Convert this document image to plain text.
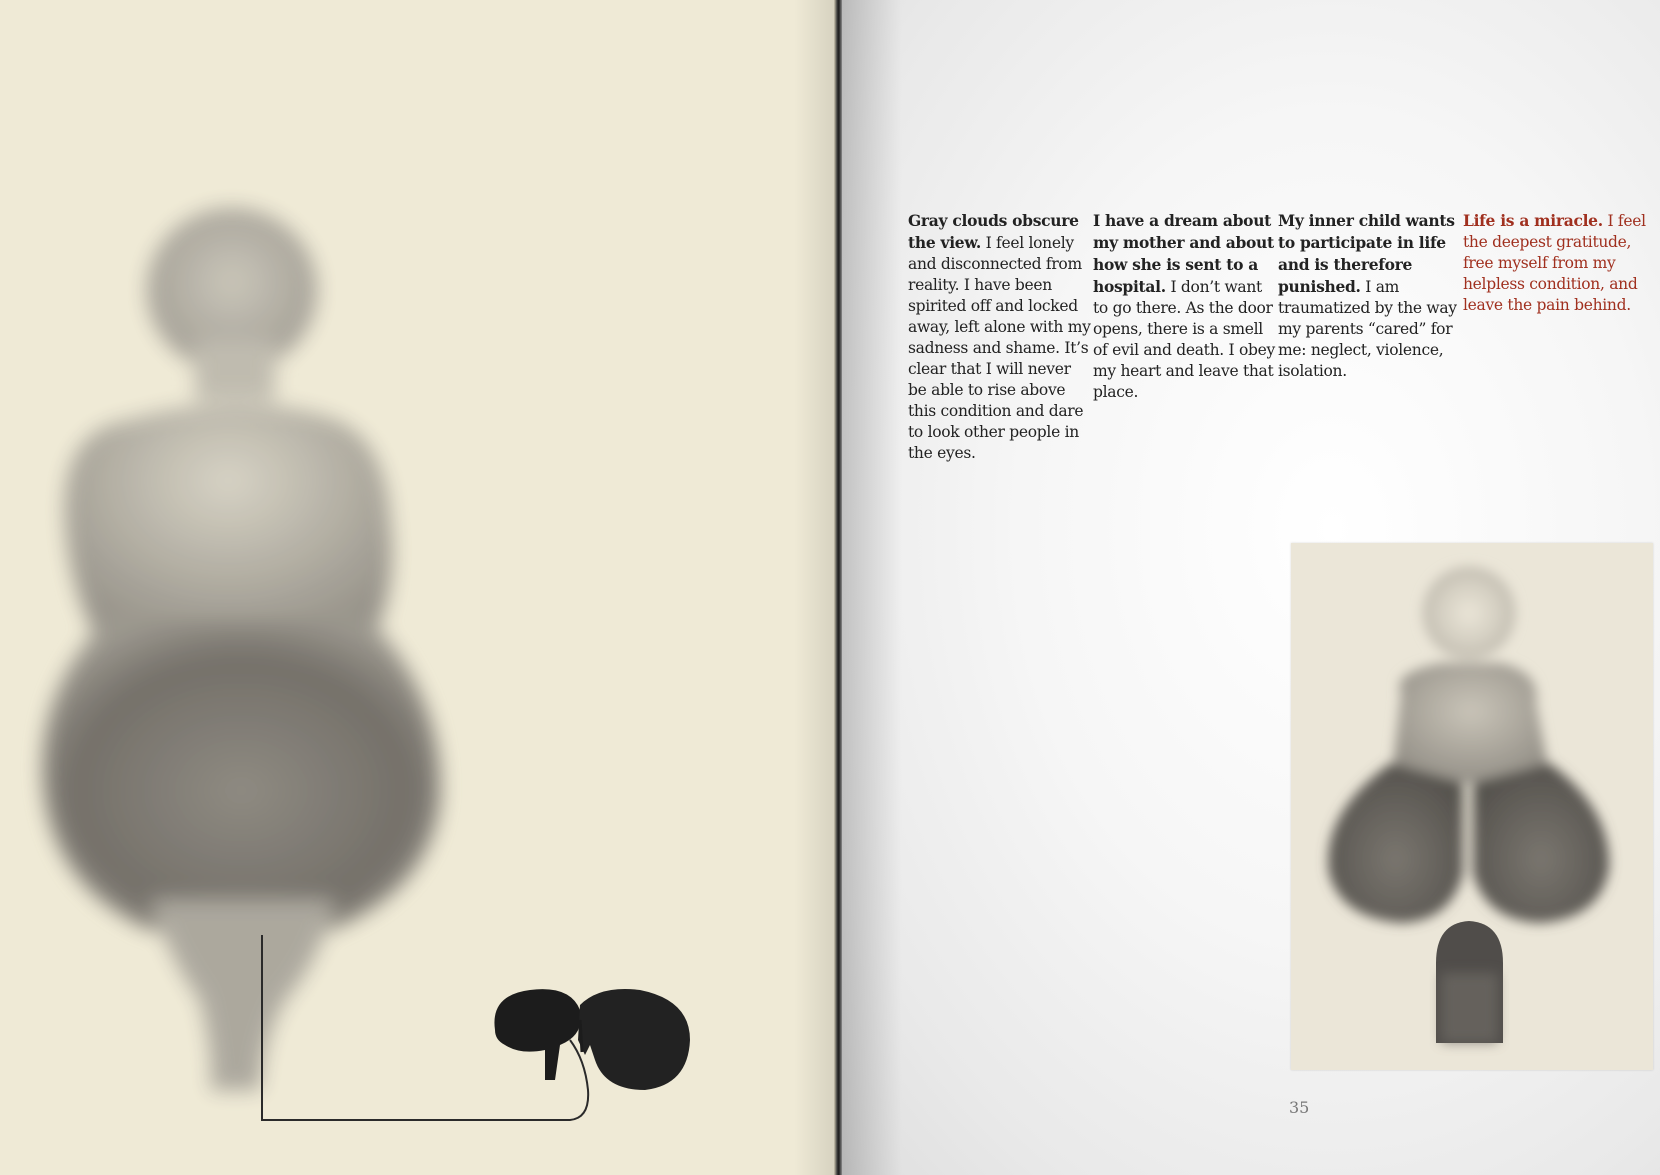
Gray clouds obscure the view. I feel lonely and disconnected from reality. I have been spirited off and locked away, left alone with my sadness and shame. It’s clear that I will never be able to rise above this condition and dare to look other people in the eyes.

I have a dream about my mother and about how she is sent to a hospital. I don’t want to go there. As the door opens, there is a smell of evil and death. I obey my heart and leave that place.

My inner child wants to participate in life and is therefore punished. I am traumatized by the way my parents “cared” for me: neglect, violence, isolation.

Life is a miracle. I feel the deepest gratitude, free myself from my helpless condition, and leave the pain behind.

35
